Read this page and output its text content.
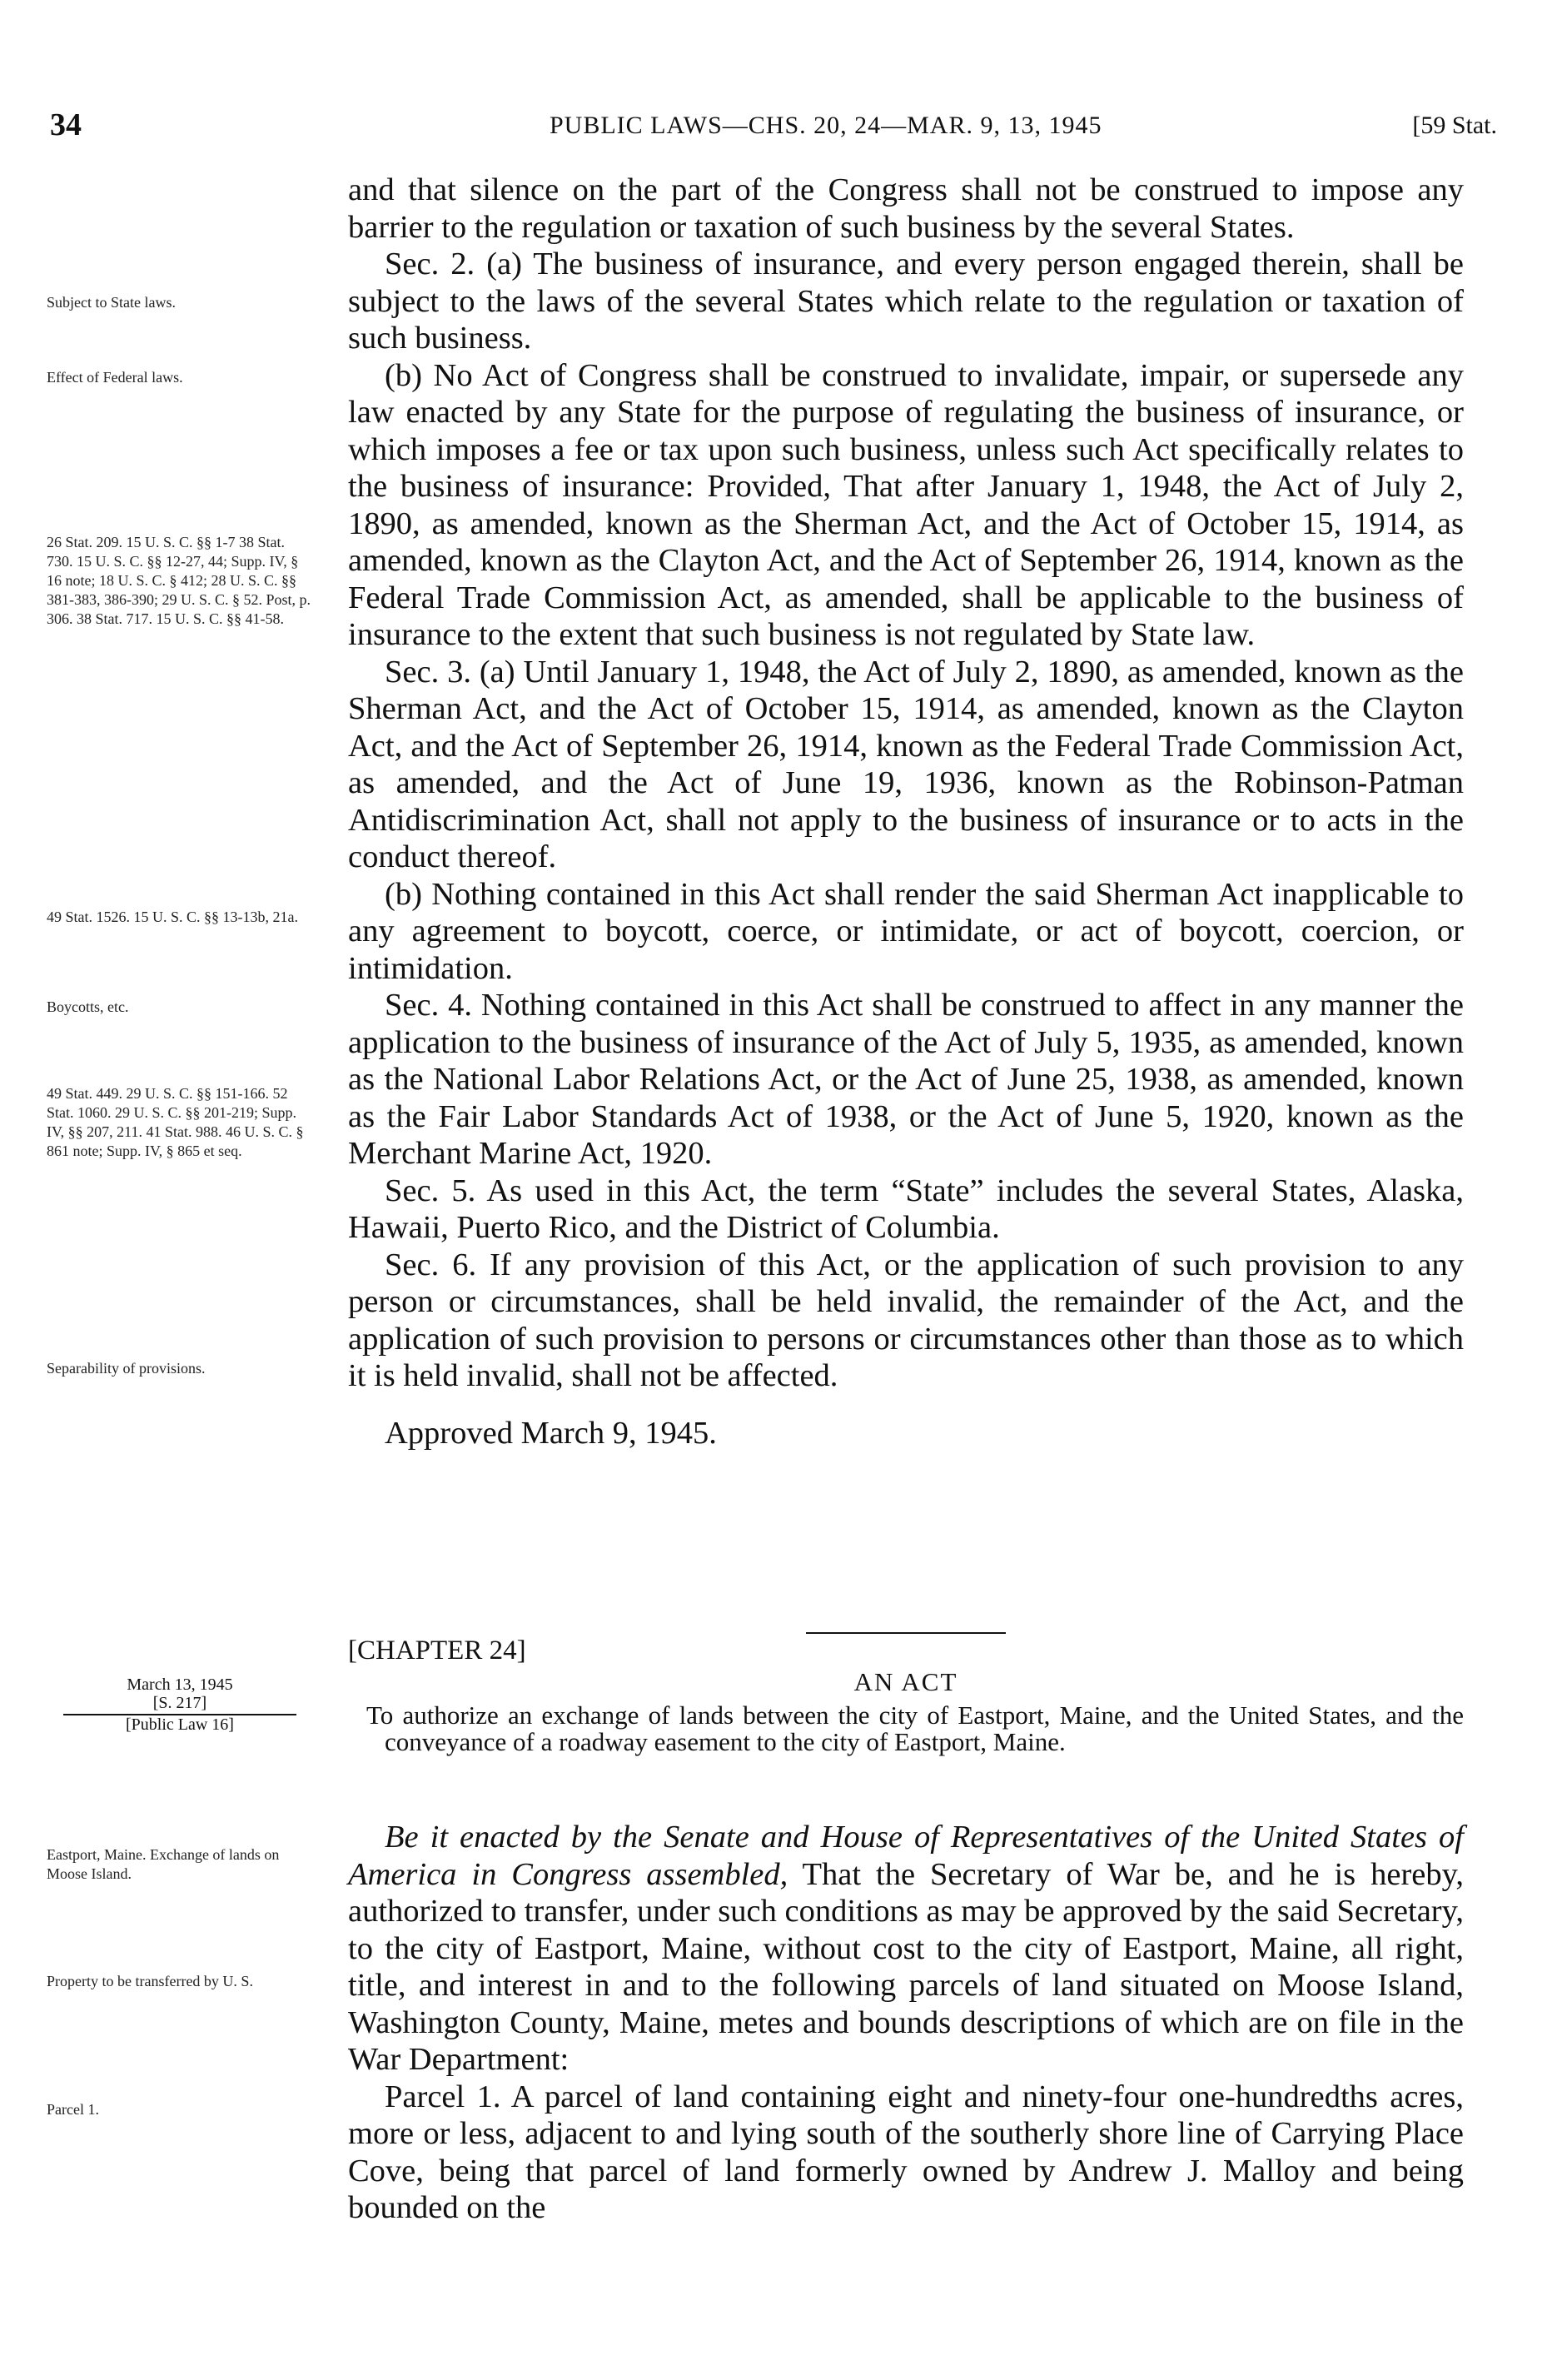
34	PUBLIC LAWS—CHS. 20, 24—MAR. 9, 13, 1945	[59 Stat.
Subject to State laws.
Effect of Federal laws.
26 Stat. 209. 15 U. S. C. §§ 1-7 38 Stat. 730. 15 U. S. C. §§ 12-27, 44; Supp. IV, § 16 note; 18 U. S. C. § 412; 28 U. S. C. §§ 381-383, 386-390; 29 U. S. C. § 52. Post, p. 306. 38 Stat. 717. 15 U. S. C. §§ 41-58.
49 Stat. 1526. 15 U. S. C. §§ 13-13b, 21a.
Boycotts, etc.
49 Stat. 449. 29 U. S. C. §§ 151-166. 52 Stat. 1060. 29 U. S. C. §§ 201-219; Supp. IV, §§ 207, 211. 41 Stat. 988. 46 U. S. C. § 861 note; Supp. IV, § 865 et seq.
Separability of provisions.
Eastport, Maine. Exchange of lands on Moose Island.
Property to be transferred by U. S.
Parcel 1.

and that silence on the part of the Congress shall not be construed to impose any barrier to the regulation or taxation of such business by the several States.

Sec. 2. (a) The business of insurance, and every person engaged therein, shall be subject to the laws of the several States which relate to the regulation or taxation of such business.

(b) No Act of Congress shall be construed to invalidate, impair, or supersede any law enacted by any State for the purpose of regulating the business of insurance, or which imposes a fee or tax upon such business, unless such Act specifically relates to the business of insurance: Provided, That after January 1, 1948, the Act of July 2, 1890, as amended, known as the Sherman Act, and the Act of October 15, 1914, as amended, known as the Clayton Act, and the Act of September 26, 1914, known as the Federal Trade Commission Act, as amended, shall be applicable to the business of insurance to the extent that such business is not regulated by State law.

Sec. 3. (a) Until January 1, 1948, the Act of July 2, 1890, as amended, known as the Sherman Act, and the Act of October 15, 1914, as amended, known as the Clayton Act, and the Act of September 26, 1914, known as the Federal Trade Commission Act, as amended, and the Act of June 19, 1936, known as the Robinson-Patman Antidiscrimination Act, shall not apply to the business of insurance or to acts in the conduct thereof.

(b) Nothing contained in this Act shall render the said Sherman Act inapplicable to any agreement to boycott, coerce, or intimidate, or act of boycott, coercion, or intimidation.

Sec. 4. Nothing contained in this Act shall be construed to affect in any manner the application to the business of insurance of the Act of July 5, 1935, as amended, known as the National Labor Relations Act, or the Act of June 25, 1938, as amended, known as the Fair Labor Standards Act of 1938, or the Act of June 5, 1920, known as the Merchant Marine Act, 1920.

Sec. 5. As used in this Act, the term “State” includes the several States, Alaska, Hawaii, Puerto Rico, and the District of Columbia.

Sec. 6. If any provision of this Act, or the application of such provision to any person or circumstances, shall be held invalid, the remainder of the Act, and the application of such provision to persons or circumstances other than those as to which it is held invalid, shall not be affected.

Approved March 9, 1945.

[CHAPTER 24]
AN ACT
March 13, 1945
[S. 217]
[Public Law 16]	To authorize an exchange of lands between the city of Eastport, Maine, and the United States, and the conveyance of a roadway easement to the city of Eastport, Maine.

Be it enacted by the Senate and House of Representatives of the United States of America in Congress assembled, That the Secretary of War be, and he is hereby, authorized to transfer, under such conditions as may be approved by the said Secretary, to the city of Eastport, Maine, without cost to the city of Eastport, Maine, all right, title, and interest in and to the following parcels of land situated on Moose Island, Washington County, Maine, metes and bounds descriptions of which are on file in the War Department:

Parcel 1. A parcel of land containing eight and ninety-four one-hundredths acres, more or less, adjacent to and lying south of the southerly shore line of Carrying Place Cove, being that parcel of land formerly owned by Andrew J. Malloy and being bounded on the
